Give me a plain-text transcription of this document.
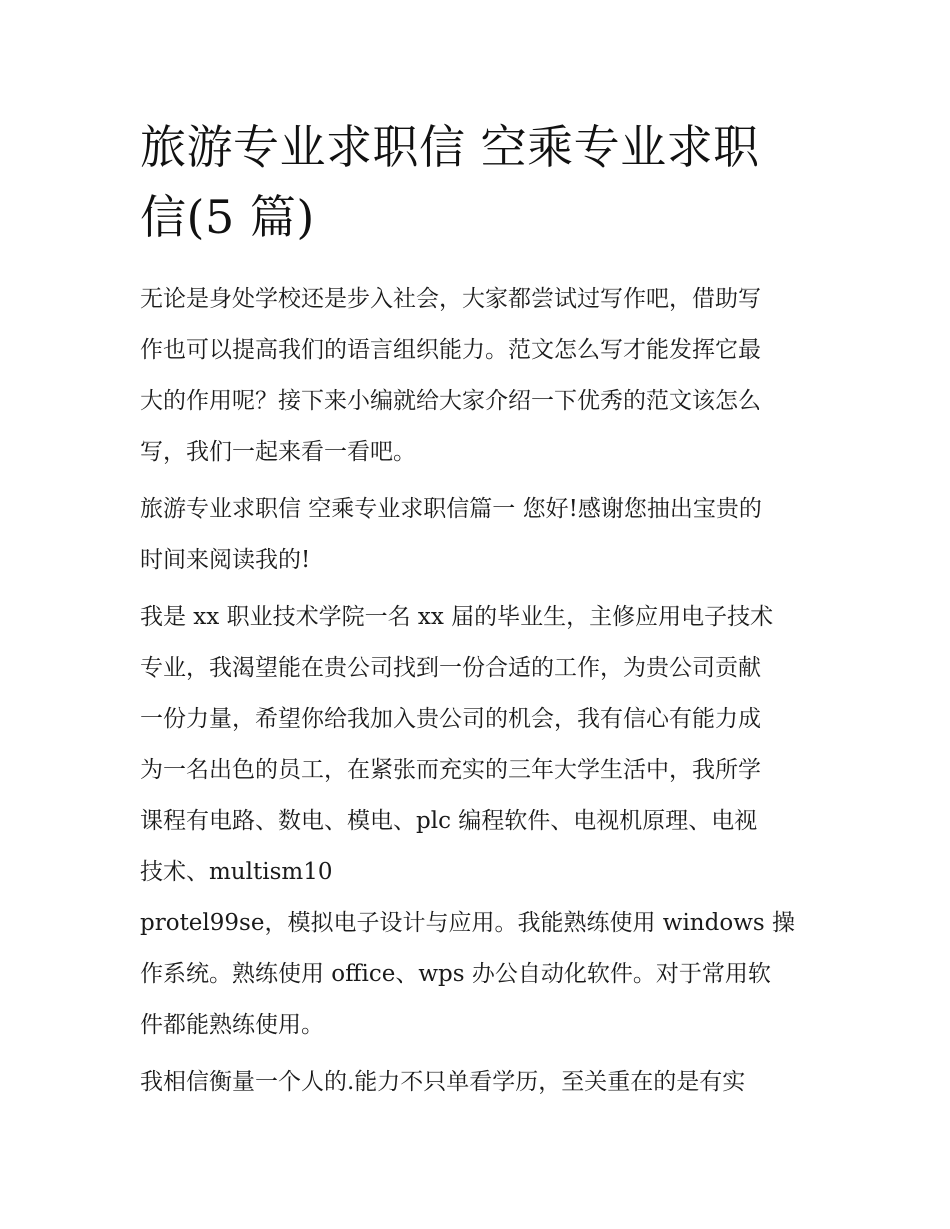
旅游专业求职信 空乘专业求职
信(5 篇)

无论是身处学校还是步入社会，大家都尝试过写作吧，借助写
作也可以提高我们的语言组织能力。范文怎么写才能发挥它最
大的作用呢？接下来小编就给大家介绍一下优秀的范文该怎么
写，我们一起来看一看吧。

旅游专业求职信 空乘专业求职信篇一 您好!感谢您抽出宝贵的
时间来阅读我的!

我是 xx 职业技术学院一名 xx 届的毕业生，主修应用电子技术
专业，我渴望能在贵公司找到一份合适的工作，为贵公司贡献
一份力量，希望你给我加入贵公司的机会，我有信心有能力成
为一名出色的员工，在紧张而充实的三年大学生活中，我所学
课程有电路、数电、模电、plc 编程软件、电视机原理、电视
技术、multism10
protel99se，模拟电子设计与应用。我能熟练使用 windows 操
作系统。熟练使用 office、wps 办公自动化软件。对于常用软
件都能熟练使用。

我相信衡量一个人的.能力不只单看学历，至关重在的是有实
